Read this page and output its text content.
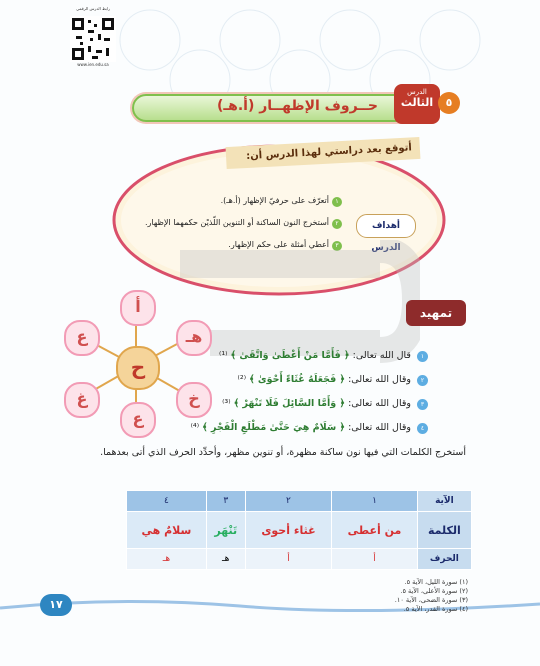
رابط الدرس الرقمي
www.ien.edu.sa
حــروف الإظهــار (أ.هـ)
الدرس
الثالث	٥
أتوقع بعد دراستي لهذا الدرس أن:
أهداف الدرس
١أتعرّف على حرفيّ الإظهار (أ.هـ).
٢أستخرج النون الساكنة أو التنوين اللّذيْن حكمهما الإظهار.
٣أعطي أمثلة على حكم الإظهار.
تمهيد
١ قال الله تعالى: ﴿ فَأَمَّا مَنْ أَعْطَىٰ وَاتَّقَىٰ ﴾ ⁽¹⁾
٢ وقال الله تعالى: ﴿ فَجَعَلَهُ غُثَاءً أَحْوَىٰ ﴾ ⁽²⁾
٣ وقال الله تعالى: ﴿ وَأَمَّا السَّائِلَ فَلَا تَنْهَرْ ﴾ ⁽³⁾
٤ وقال الله تعالى: ﴿ سَلَامٌ هِيَ حَتَّىٰ مَطْلَعِ الْفَجْرِ ﴾ ⁽⁴⁾
أ
هـ
ع
غ	خ
ع
ح
أستخرج الكلمات التي فيها نون ساكنة مظهرة، أو تنوين مظهر، وأحدِّد الحرف الذي أتى بعدهما.
٤	٣	٢	١	الآية
سلامٌ هي	تَنْهَر	غثاء أحوى	من أعطى	الكلمة
هـ	هـ	أ	أ	الحرف
١٧
(١) سورة الليل، الآية ٥.
(٢) سورة الأعلى، الآية ٥.
(٣) سورة الضحى، الآية ١٠.
(٤) سورة القدر، الآية ٥.
